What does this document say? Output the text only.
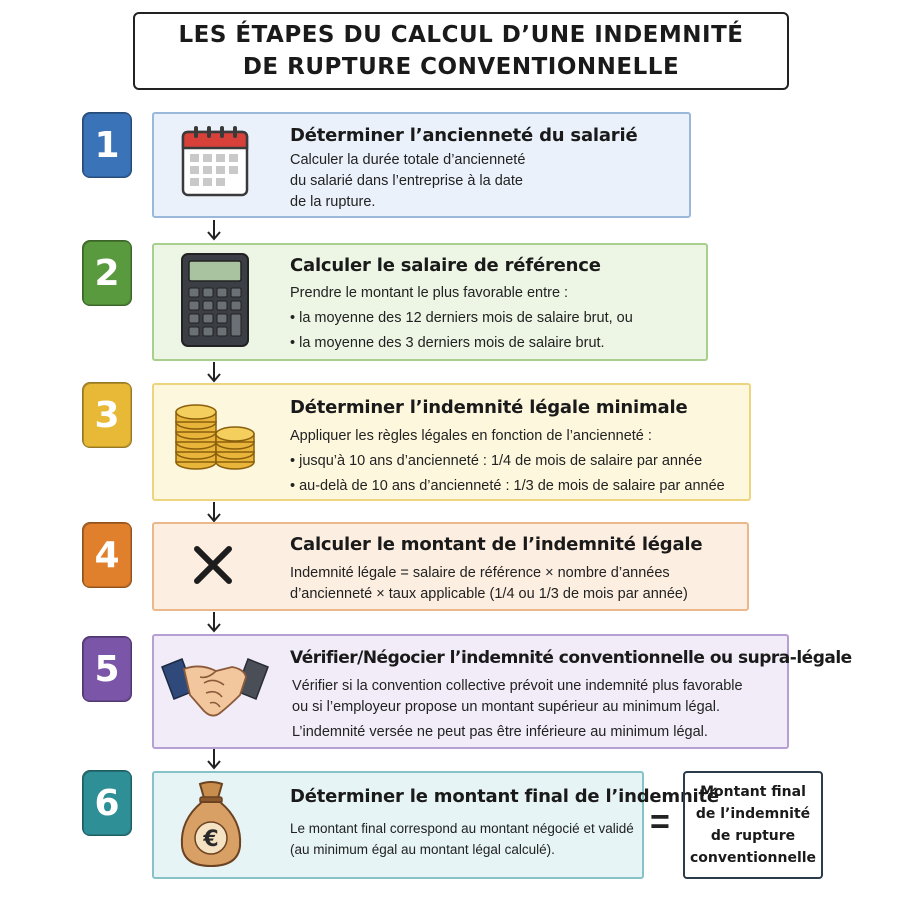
LES ÉTAPES DU CALCUL D’UNE INDEMNITÉ
DE RUPTURE CONVENTIONNELLE
1	Déterminer l’ancienneté du salarié

Calculer la durée totale d’ancienneté

du salarié dans l’entreprise à la date

de la rupture.

2	Calculer le salaire de référence

Prendre le montant le plus favorable entre :

• la moyenne des 12 derniers mois de salaire brut, ou

• la moyenne des 3 derniers mois de salaire brut.

3	Déterminer l’indemnité légale minimale

Appliquer les règles légales en fonction de l’ancienneté :

• jusqu’à 10 ans d’ancienneté : 1/4 de mois de salaire par année

• au-delà de 10 ans d’ancienneté : 1/3 de mois de salaire par année

4	Calculer le montant de l’indemnité légale

Indemnité légale = salaire de référence × nombre d’années

d’ancienneté × taux applicable (1/4 ou 1/3 de mois par année)

5	Vérifier/Négocier l’indemnité conventionnelle ou supra-légale

Vérifier si la convention collective prévoit une indemnité plus favorable

ou si l’employeur propose un montant supérieur au minimum légal.

L’indemnité versée ne peut pas être inférieure au minimum légal.

6
€
Déterminer le montant final de l’indemnité

Le montant final correspond au montant négocié et validé

(au minimum égal au montant légal calculé).

=
Montant final
de l’indemnité
de rupture
conventionnelle
